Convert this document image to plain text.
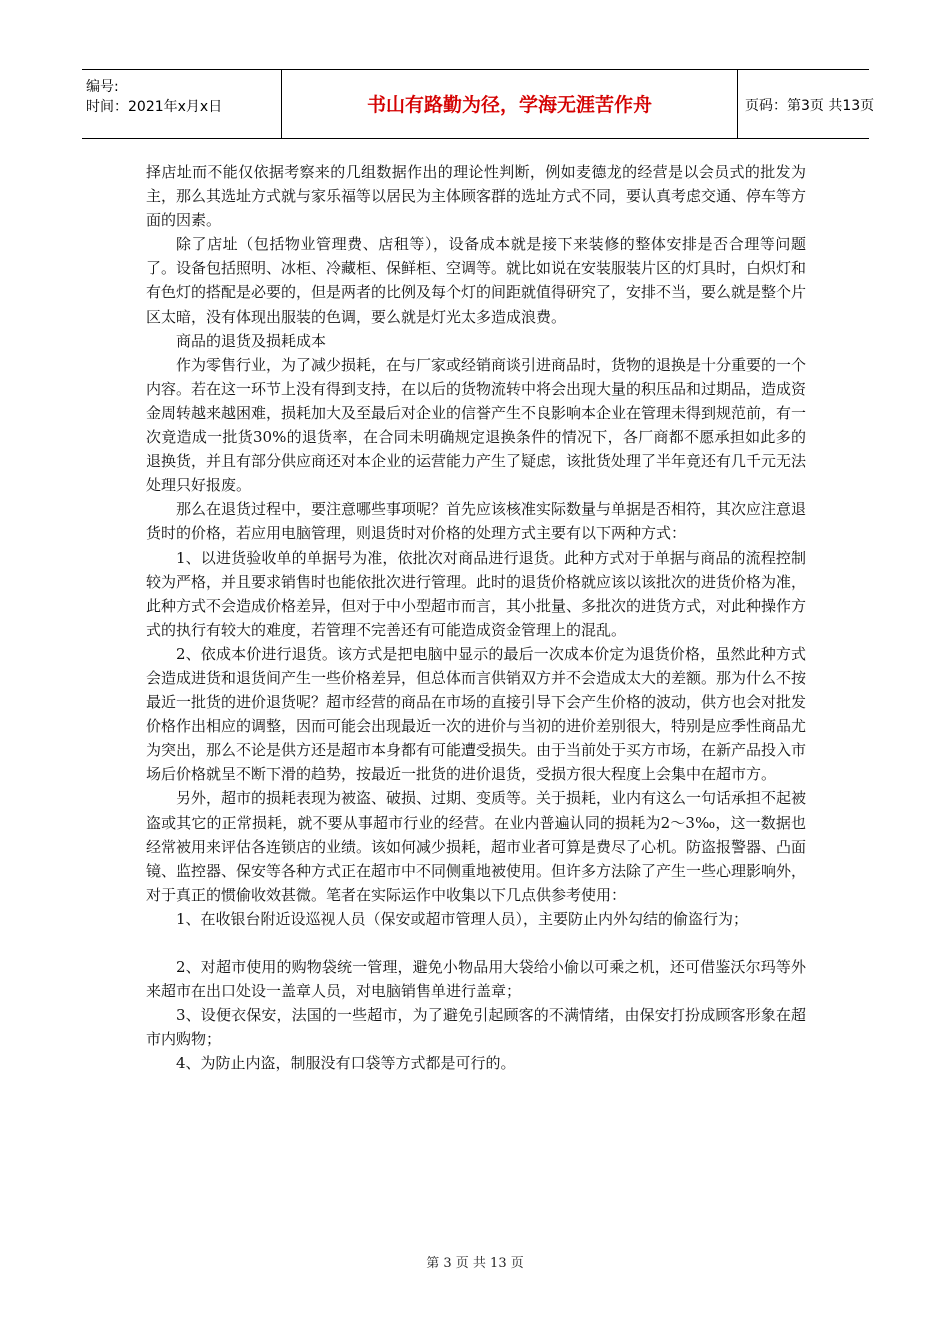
编号:
时间：2021年x月x日	书山有路勤为径，学海无涯苦作舟	页码：第3页 共13页

择店址而不能仅依据考察来的几组数据作出的理论性判断，例如麦德龙的经营是以会员式的批发为主，那么其选址方式就与家乐福等以居民为主体顾客群的选址方式不同，要认真考虑交通、停车等方面的因素。

除了店址（包括物业管理费、店租等），设备成本就是接下来装修的整体安排是否合理等问题了。设备包括照明、冰柜、冷藏柜、保鲜柜、空调等。就比如说在安装服装片区的灯具时，白炽灯和有色灯的搭配是必要的，但是两者的比例及每个灯的间距就值得研究了，安排不当，要么就是整个片区太暗，没有体现出服装的色调，要么就是灯光太多造成浪费。

商品的退货及损耗成本

作为零售行业，为了减少损耗，在与厂家或经销商谈引进商品时，货物的退换是十分重要的一个内容。若在这一环节上没有得到支持，在以后的货物流转中将会出现大量的积压品和过期品，造成资金周转越来越困难，损耗加大及至最后对企业的信誉产生不良影响本企业在管理未得到规范前，有一次竟造成一批货30%的退货率，在合同未明确规定退换条件的情况下，各厂商都不愿承担如此多的退换货，并且有部分供应商还对本企业的运营能力产生了疑虑，该批货处理了半年竟还有几千元无法处理只好报废。

那么在退货过程中，要注意哪些事项呢？首先应该核准实际数量与单据是否相符，其次应注意退货时的价格，若应用电脑管理，则退货时对价格的处理方式主要有以下两种方式：

1、以进货验收单的单据号为准，依批次对商品进行退货。此种方式对于单据与商品的流程控制较为严格，并且要求销售时也能依批次进行管理。此时的退货价格就应该以该批次的进货价格为准，此种方式不会造成价格差异，但对于中小型超市而言，其小批量、多批次的进货方式，对此种操作方式的执行有较大的难度，若管理不完善还有可能造成资金管理上的混乱。

2、依成本价进行退货。该方式是把电脑中显示的最后一次成本价定为退货价格，虽然此种方式会造成进货和退货间产生一些价格差异，但总体而言供销双方并不会造成太大的差额。那为什么不按最近一批货的进价退货呢？超市经营的商品在市场的直接引导下会产生价格的波动，供方也会对批发价格作出相应的调整，因而可能会出现最近一次的进价与当初的进价差别很大，特别是应季性商品尤为突出，那么不论是供方还是超市本身都有可能遭受损失。由于当前处于买方市场，在新产品投入市场后价格就呈不断下滑的趋势，按最近一批货的进价退货，受损方很大程度上会集中在超市方。

另外，超市的损耗表现为被盗、破损、过期、变质等。关于损耗，业内有这么一句话承担不起被盗或其它的正常损耗，就不要从事超市行业的经营。在业内普遍认同的损耗为2～3‰，这一数据也经常被用来评估各连锁店的业绩。该如何减少损耗，超市业者可算是费尽了心机。防盗报警器、凸面镜、监控器、保安等各种方式正在超市中不同侧重地被使用。但许多方法除了产生一些心理影响外，对于真正的惯偷收效甚微。笔者在实际运作中收集以下几点供参考使用：

1、在收银台附近设巡视人员（保安或超市管理人员），主要防止内外勾结的偷盗行为；

2、对超市使用的购物袋统一管理，避免小物品用大袋给小偷以可乘之机，还可借鉴沃尔玛等外来超市在出口处设一盖章人员，对电脑销售单进行盖章；

3、设便衣保安，法国的一些超市，为了避免引起顾客的不满情绪，由保安打扮成顾客形象在超市内购物；

4、为防止内盗，制服没有口袋等方式都是可行的。

第 3 页 共 13 页
